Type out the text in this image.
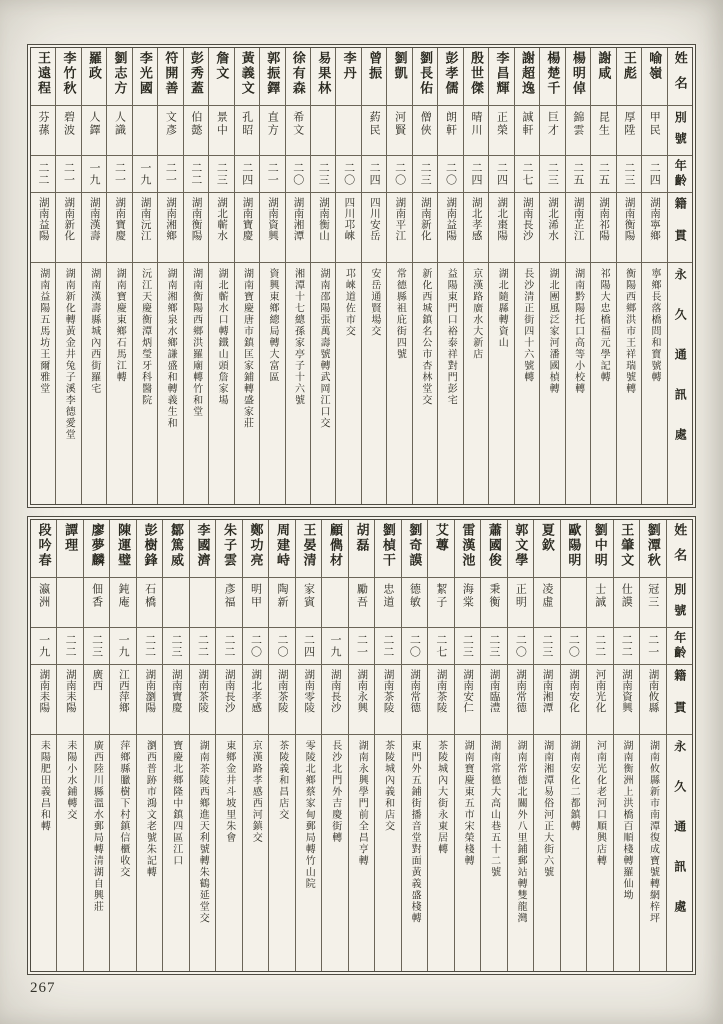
姓名
別號
年齡
籍貫
永久通訊處
喻嶺
甲民
二四
湖南寧鄉
寧鄉長落橋問和寶號轉
王彪
厚陞
二三
湖南衡陽
衡陽西鄉洪市王祥瑞號轉
謝咸
昆生
二五
湖南祁陽
祁陽大忠橋福元學記轉
楊明倬
錦雲
二五
湖南芷江
湖南黔陽托口高等小校轉
楊楚千
巨才
二三
湖北浠水
湖北團風泛家河潘國楨轉
謝超逸
誠軒
二七
湖南長沙
長沙清正街四十六號轉
李昌輝
正榮
二四
湖北棗陽
湖北隨縣轉資山
殷世傑
晴川
二四
湖北孝感
京漢路廣水大新店
彭孝儒
朗軒
二〇
湖南益陽
益陽東門口裕泰祥對門彭宅
劉長佑
僧俠
二三
湖南新化
新化西城鎮名公市杏林堂交
劉凱
河賢
二〇
湖南平江
常德縣祖庇街四號
曾振
葯民
二四
四川安岳
安岳通賢場交
李丹
二〇
四川邛崍
邛崍道佐市交
易果林
二三
湖南衡山
湖南邵陽張萬壽號轉武岡江口交
徐有森
希文
二〇
湖南湘潭
湘潭十七總孫家亭子十六號
郭振鐸
直方
二一
湖南資興
資興東鄉總局轉大富區
黃義文
孔昭
二四
湖南寶慶
湖南寶慶唐市鎮匡家鋪轉盛家莊
詹文
景中
二三
湖北蘄水
湖北蘄水口轉鐵山頭詹家場
彭秀蓋
伯懿
二二
湖南衡陽
湖南衡陽西鄉洪羅廟轉竹和堂
符開善
文彥
二一
湖南湘鄉
湖南湘鄉泉水鄉謙盛和轉義生和
李光國
一九
湖南沅江
沅江天慶衡潭炳瑩牙科醫院
劉志方
人識
二一
湖南寶慶
湖南寶慶東鄉石馬江轉
羅政
人鐸
一九
湖南漢壽
湖南漢壽縣城內西街羅宅
李竹秋
碧波
二一
湖南新化
湖南新化轉黃金井兔子溪李德愛堂
王遠程
芬蓀
二二
湖南益陽
湖南益陽五馬坊王爾雅堂
姓名
別號
年齡
籍貫
永久通訊處
劉潭秋
冠三
二一
湖南攸縣
湖南攸縣新市南潭復成寶號轉網梓坪
王肇文
仕謨
二二
湖南資興
湖南衡洲上洪橋百順棧轉羅仙坳
劉中明
士誠
二二
河南光化
河南光化老河口順興店轉
歐陽明
二〇
湖南安化
湖南安化二都鎮轉
夏欽
凌虛
二三
湖南湘潭
湖南湘潭易俗河正大街六號
郭文學
正明
二〇
湖南常德
湖南常德北關外八里鋪郵站轉雙龍灣
蕭國俊
秉衡
二三
湖南臨澧
湖南常德大高山巷五十二號
雷漢池
海棠
二三
湖南安仁
湖南寶慶東五市宋榮棧轉
艾蓴
絜子
二七
湖南茶陵
茶陵城內大街永東居轉
劉奇謨
德敏
二〇
湖南常德
東門外五鋪街播音堂對面黃義盛棧轉
劉楨干
忠道
二二
湖南茶陵
茶陵城內義和店交
胡磊
勵吾
二一
湖南永興
湖南永興學門前全昌亨轉
顧儁材
一九
湖南長沙
長沙北門外吉慶街轉
王晏清
家賓
二四
湖南零陵
零陵北鄉蔡家甸郵局轉竹山院
周建峙
陶新
二〇
湖南茶陵
茶陵義和昌店交
鄭功亮
明甲
二〇
湖北孝感
京漢路孝感西河鎮交
朱子雲
彥福
二二
湖南長沙
東鄉金井斗坡里朱會
李國濟
二二
湖南茶陵
湖南茶陵西鄉進天利號轉朱鶴延堂交
鄒篤威
二三
湖南寶慶
寶慶北鄉隆中鎮四區江口
彭樹鋒
石橋
二二
湖南瀏陽
瀏西普跡市鴻文老號朱記轉
陳運璧
鈍庵
一九
江西萍鄉
萍鄉縣臘樹下村鎮信櫃收交
廖夢麟
佃香
二三
廣西
廣西陸川縣溫水郵局轉清湖自興莊
譚理
二二
湖南耒陽
耒陽小水鋪轉交
段吟春
瀛洲
一九
湖南耒陽
耒陽肥田義昌和轉
267
